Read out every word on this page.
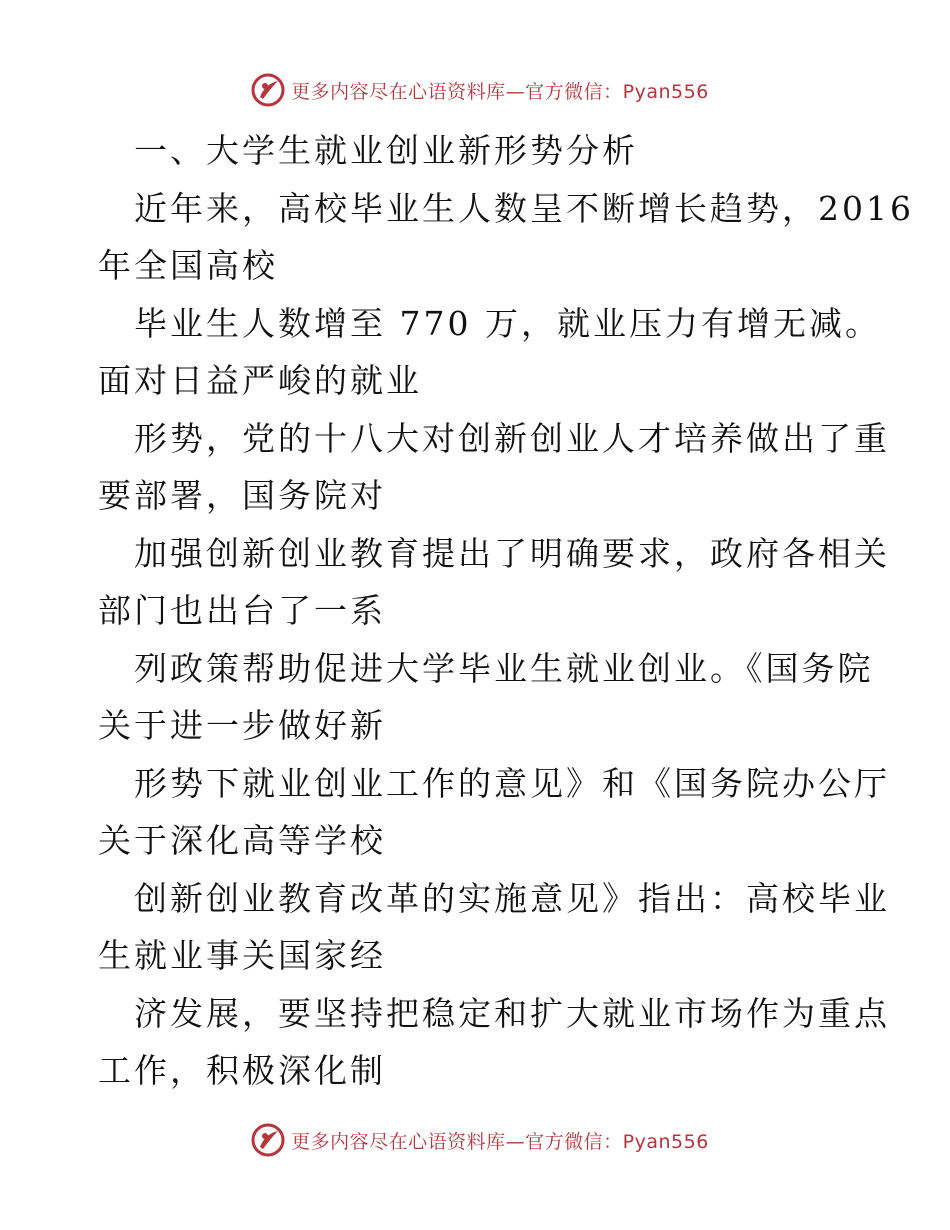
更多内容尽在心语资料库—官方微信：Pyan556
一、大学生就业创业新形势分析
近年来，高校毕业生人数呈不断增长趋势，2016
年全国高校
毕业生人数增至 770 万，就业压力有增无减。
面对日益严峻的就业
形势，党的十八大对创新创业人才培养做出了重
要部署，国务院对
加强创新创业教育提出了明确要求，政府各相关
部门也出台了一系
列政策帮助促进大学毕业生就业创业。《国务院
关于进一步做好新
形势下就业创业工作的意见》和《国务院办公厅
关于深化高等学校
创新创业教育改革的实施意见》指出：高校毕业
生就业事关国家经
济发展，要坚持把稳定和扩大就业市场作为重点
工作，积极深化制
更多内容尽在心语资料库—官方微信：Pyan556
